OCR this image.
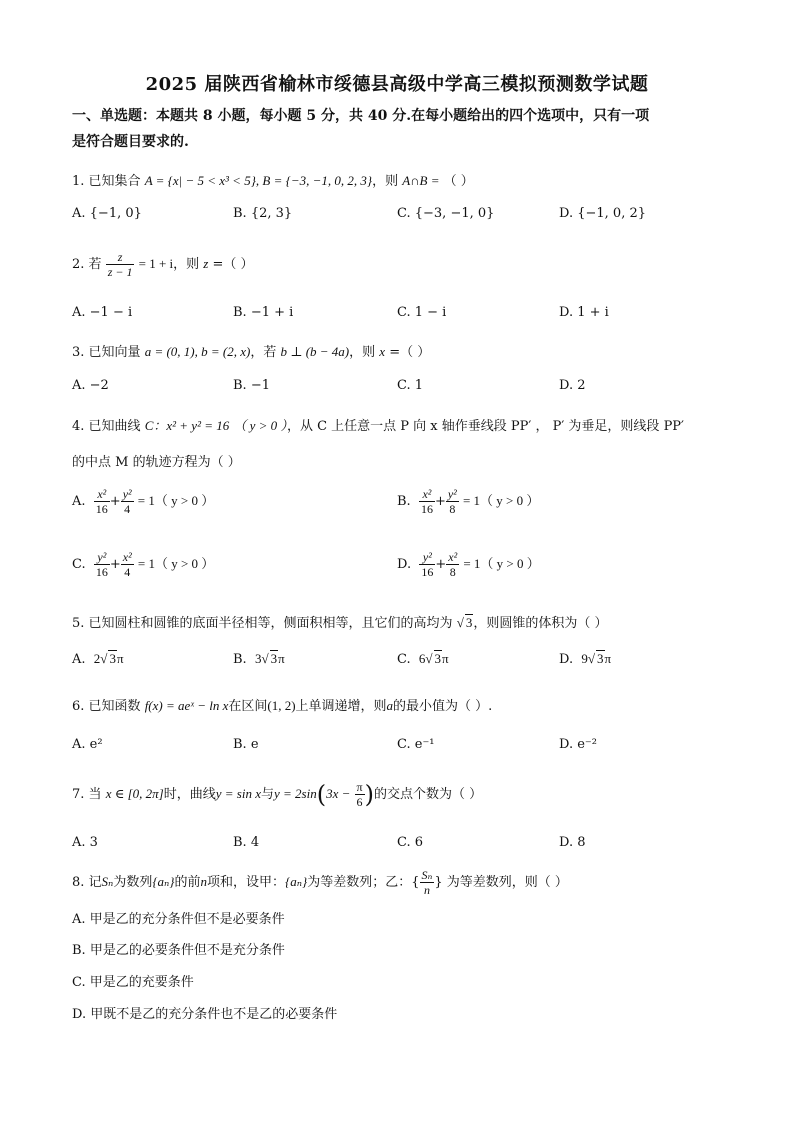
2025 届陕西省榆林市绥德县高级中学高三模拟预测数学试题
一、单选题：本题共 8 小题，每小题 5 分，共 40 分.在每小题给出的四个选项中，只有一项
是符合题目要求的.
1. 已知集合 A = {x| − 5 < x³ < 5}, B = {−3, −1, 0, 2, 3}，则 A∩B = （ ）
A. {−1, 0}	B. {2, 3}	C. {−3, −1, 0}	D. {−1, 0, 2}
2. 若 $\frac{z}{z - 1} = 1 + i$，则 z =（ ）
A. −1 − i	B. −1 + i	C. 1 − i	D. 1 + i
3. 已知向量 a = (0, 1), b = (2, x)，若 b ⊥ (b − 4a)，则 x =（ ）
A. −2	B. −1	C. 1	D. 2
4. 已知曲线 C：x² + y² = 16 （ y > 0 ），从 C 上任意一点 P 向 x 轴作垂线段 PP′ ， P′ 为垂足，则线段 PP′
的中点 M 的轨迹方程为（ ）
A. $\frac{\text{x²}}{16} + \frac{\text{y²}}{4} = 1$（ y > 0 ）	B. $\frac{\text{x²}}{16} + \frac{\text{y²}}{8} = 1$（ y > 0 ）
C. $\frac{\text{y²}}{16} + \frac{\text{x²}}{4} = 1$（ y > 0 ）	D. $\frac{\text{y²}}{16} + \frac{\text{x²}}{8} = 1$（ y > 0 ）
5. 已知圆柱和圆锥的底面半径相等，侧面积相等，且它们的高均为 √ 3，则圆锥的体积为（ ）
A. 2√ 3π	B. 3√ 3π	C. 6√ 3π	D. 9√ 3π
6. 已知函数 f(x) = aeˣ − ln x在区间(1, 2)上单调递增，则a的最小值为（ ）.
A. e²	B. e	C. e⁻¹	D. e⁻²
7. 当 x ∈ [0, 2π]时，曲线y = sin x与$y = 2\sin(3x - \frac{\pi}{6}$ )的交点个数为（ ）
A. 3	B. 4	C. 6	D. 8
8. 记Sₙ为数列{aₙ}的前n项和，设甲：{aₙ}为等差数列；乙：{ $\frac{\text{Sₙ}}{n}$ } 为等差数列，则（ ）
A. 甲是乙的充分条件但不是必要条件
B. 甲是乙的必要条件但不是充分条件
C. 甲是乙的充要条件
D. 甲既不是乙的充分条件也不是乙的必要条件
